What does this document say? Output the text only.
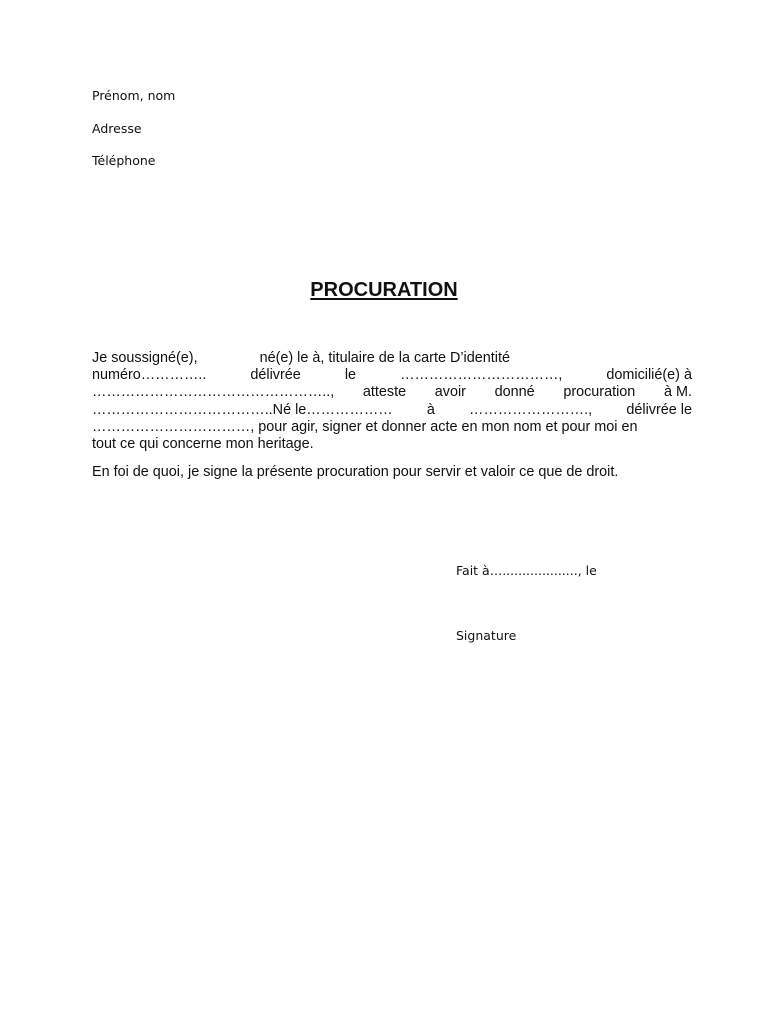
Prénom, nom
Adresse
Téléphone
PROCURATION
Je soussigné(e),	né(e) le à, titulaire de la carte D’identité
numéro…………..	délivrée	le	……………………………,	domicilié(e) à
………………………………………….., atteste avoir donné procuration à M.
………………………………..Né le……………… à ……………………., délivrée le
……………………………, pour agir, signer et donner acte en mon nom et pour moi en
tout ce qui concerne mon heritage.
En foi de quoi, je signe la présente procuration pour servir et valoir ce que de droit.
Fait à…..................., le
Signature
